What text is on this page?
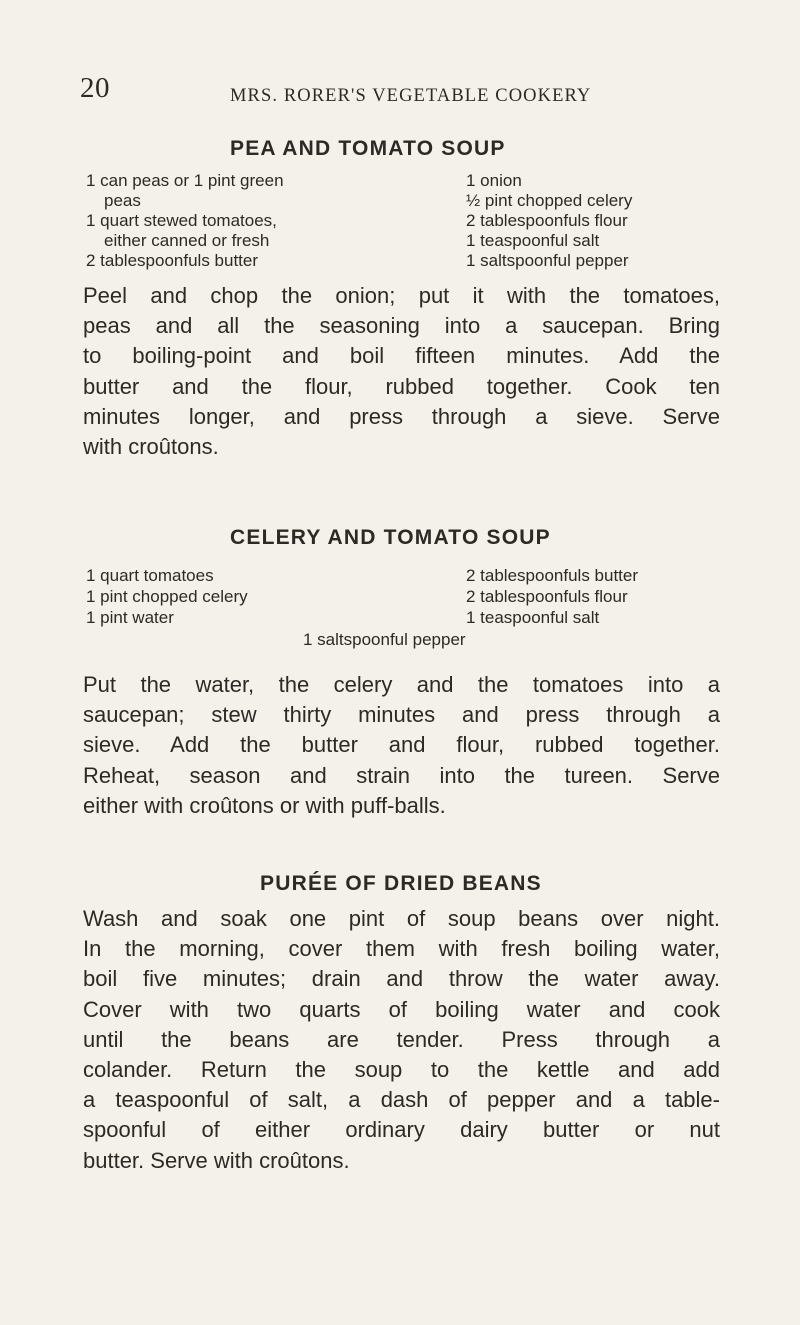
20	MRS. RORER'S VEGETABLE COOKERY
PEA AND TOMATO SOUP
1 can peas or 1 pint green
peas
1 quart stewed tomatoes,
either canned or fresh
2 tablespoonfuls butter
1 onion
½ pint chopped celery
2 tablespoonfuls flour
1 teaspoonful salt
1 saltspoonful pepper
Peel and chop the onion; put it with the tomatoes,
peas and all the seasoning into a saucepan. Bring
to boiling-point and boil fifteen minutes. Add the
butter and the flour, rubbed together. Cook ten
minutes longer, and press through a sieve. Serve
with croûtons.
CELERY AND TOMATO SOUP
1 quart tomatoes
1 pint chopped celery
1 pint water
2 tablespoonfuls butter
2 tablespoonfuls flour
1 teaspoonful salt
1 saltspoonful pepper
Put the water, the celery and the tomatoes into a
saucepan; stew thirty minutes and press through a
sieve. Add the butter and flour, rubbed together.
Reheat, season and strain into the tureen. Serve
either with croûtons or with puff-balls.
PURÉE OF DRIED BEANS
Wash and soak one pint of soup beans over night.
In the morning, cover them with fresh boiling water,
boil five minutes; drain and throw the water away.
Cover with two quarts of boiling water and cook
until the beans are tender. Press through a
colander. Return the soup to the kettle and add
a teaspoonful of salt, a dash of pepper and a table-
spoonful of either ordinary dairy butter or nut
butter. Serve with croûtons.
